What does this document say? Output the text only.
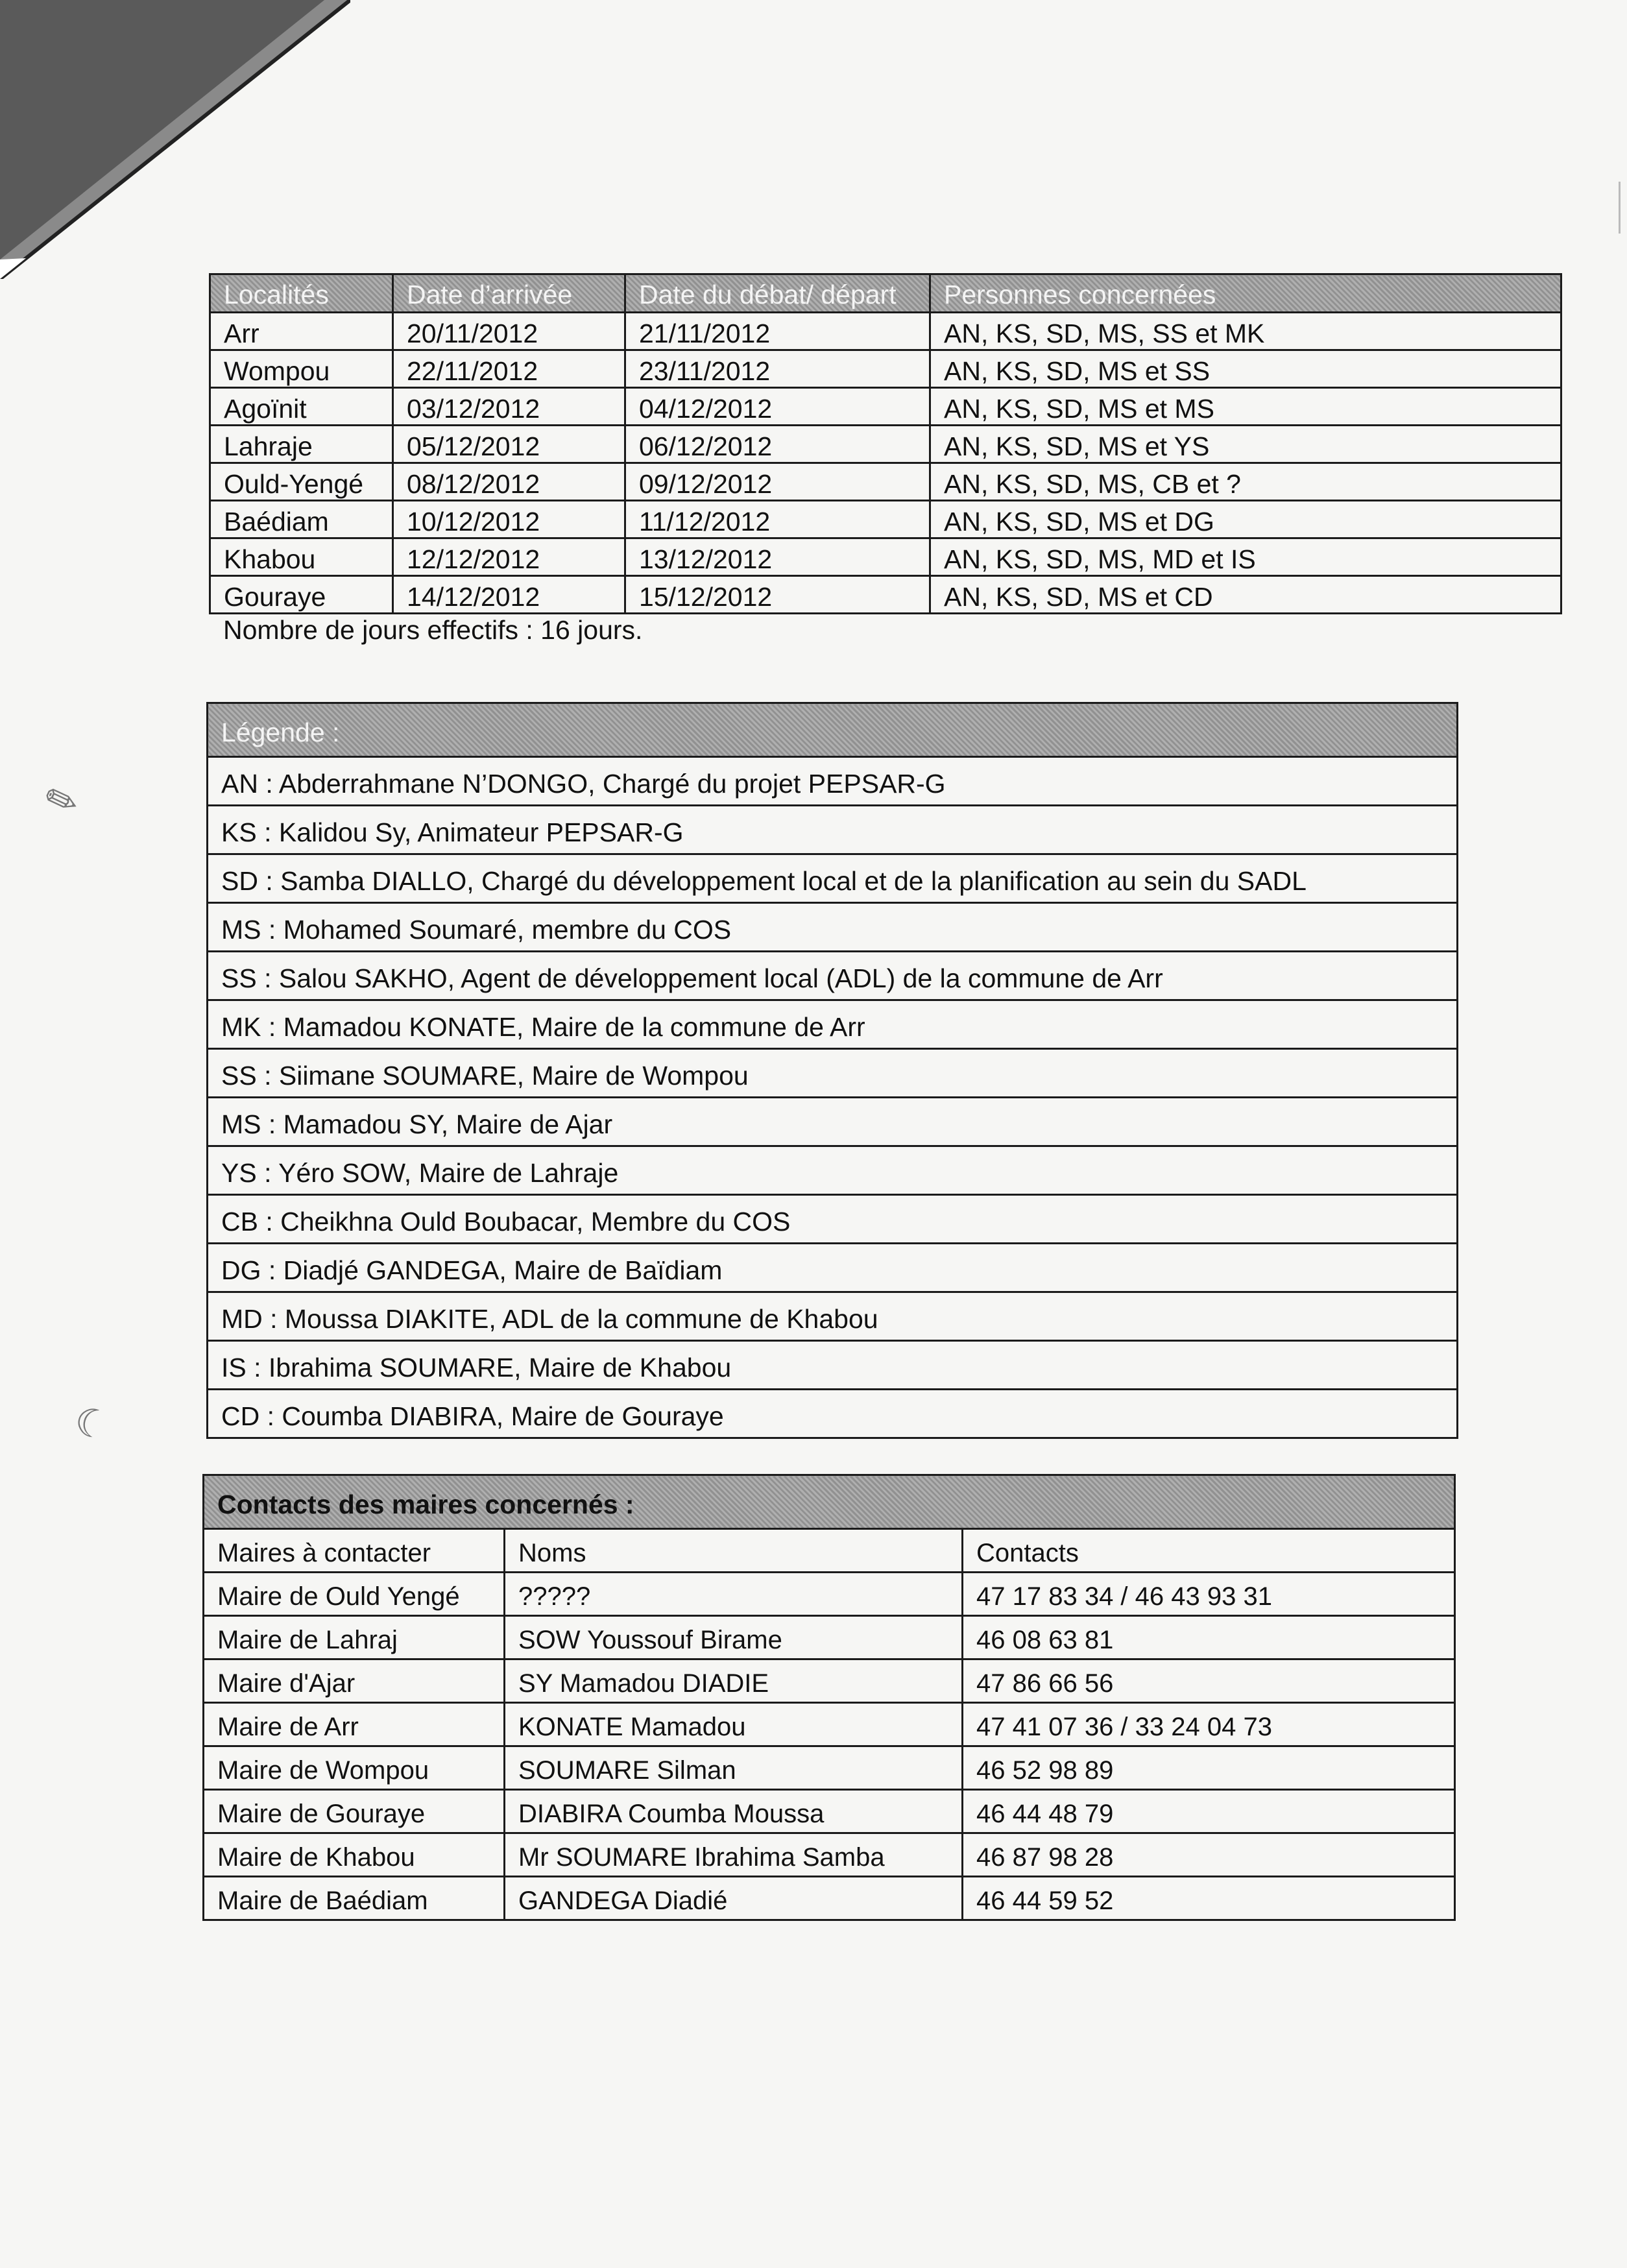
✎
☾
Localités	Date d’arrivée	Date du débat/ départ	Personnes concernées
Arr	20/11/2012	21/11/2012	AN, KS, SD, MS, SS et MK
Wompou	22/11/2012	23/11/2012	AN, KS, SD, MS et SS
Agoïnit	03/12/2012	04/12/2012	AN, KS, SD, MS et MS
Lahraje	05/12/2012	06/12/2012	AN, KS, SD, MS et YS
Ould-Yengé	08/12/2012	09/12/2012	AN, KS, SD, MS, CB et ?
Baédiam	10/12/2012	11/12/2012	AN, KS, SD, MS et DG
Khabou	12/12/2012	13/12/2012	AN, KS, SD, MS, MD et IS
Gouraye	14/12/2012	15/12/2012	AN, KS, SD, MS et CD
Nombre de jours effectifs : 16 jours.
Légende :
AN : Abderrahmane N’DONGO, Chargé du projet PEPSAR-G
KS : Kalidou Sy, Animateur PEPSAR-G
SD : Samba DIALLO, Chargé du développement local et de la planification au sein du SADL
MS : Mohamed Soumaré, membre du COS
SS : Salou SAKHO, Agent de développement local (ADL) de la commune de Arr
MK : Mamadou KONATE, Maire de la commune de Arr
SS : Siimane SOUMARE, Maire de Wompou
MS : Mamadou SY, Maire de Ajar
YS : Yéro SOW, Maire de Lahraje
CB : Cheikhna Ould Boubacar, Membre du COS
DG : Diadjé GANDEGA, Maire de Baïdiam
MD : Moussa DIAKITE, ADL de la commune de Khabou
IS : Ibrahima SOUMARE, Maire de Khabou
CD : Coumba DIABIRA, Maire de Gouraye
Contacts des maires concernés :		
Maires à contacter	Noms	Contacts
Maire de Ould Yengé	?????	47 17 83 34 / 46 43 93 31
Maire de Lahraj	SOW Youssouf Birame	46 08 63 81
Maire d'Ajar	SY Mamadou DIADIE	47 86 66 56
Maire de Arr	KONATE Mamadou	47 41 07 36 / 33 24 04 73
Maire de Wompou	SOUMARE Silman	46 52 98 89
Maire de Gouraye	DIABIRA Coumba Moussa	46 44 48 79
Maire de Khabou	Mr SOUMARE Ibrahima Samba	46 87 98 28
Maire de Baédiam	GANDEGA Diadié	46 44 59 52
